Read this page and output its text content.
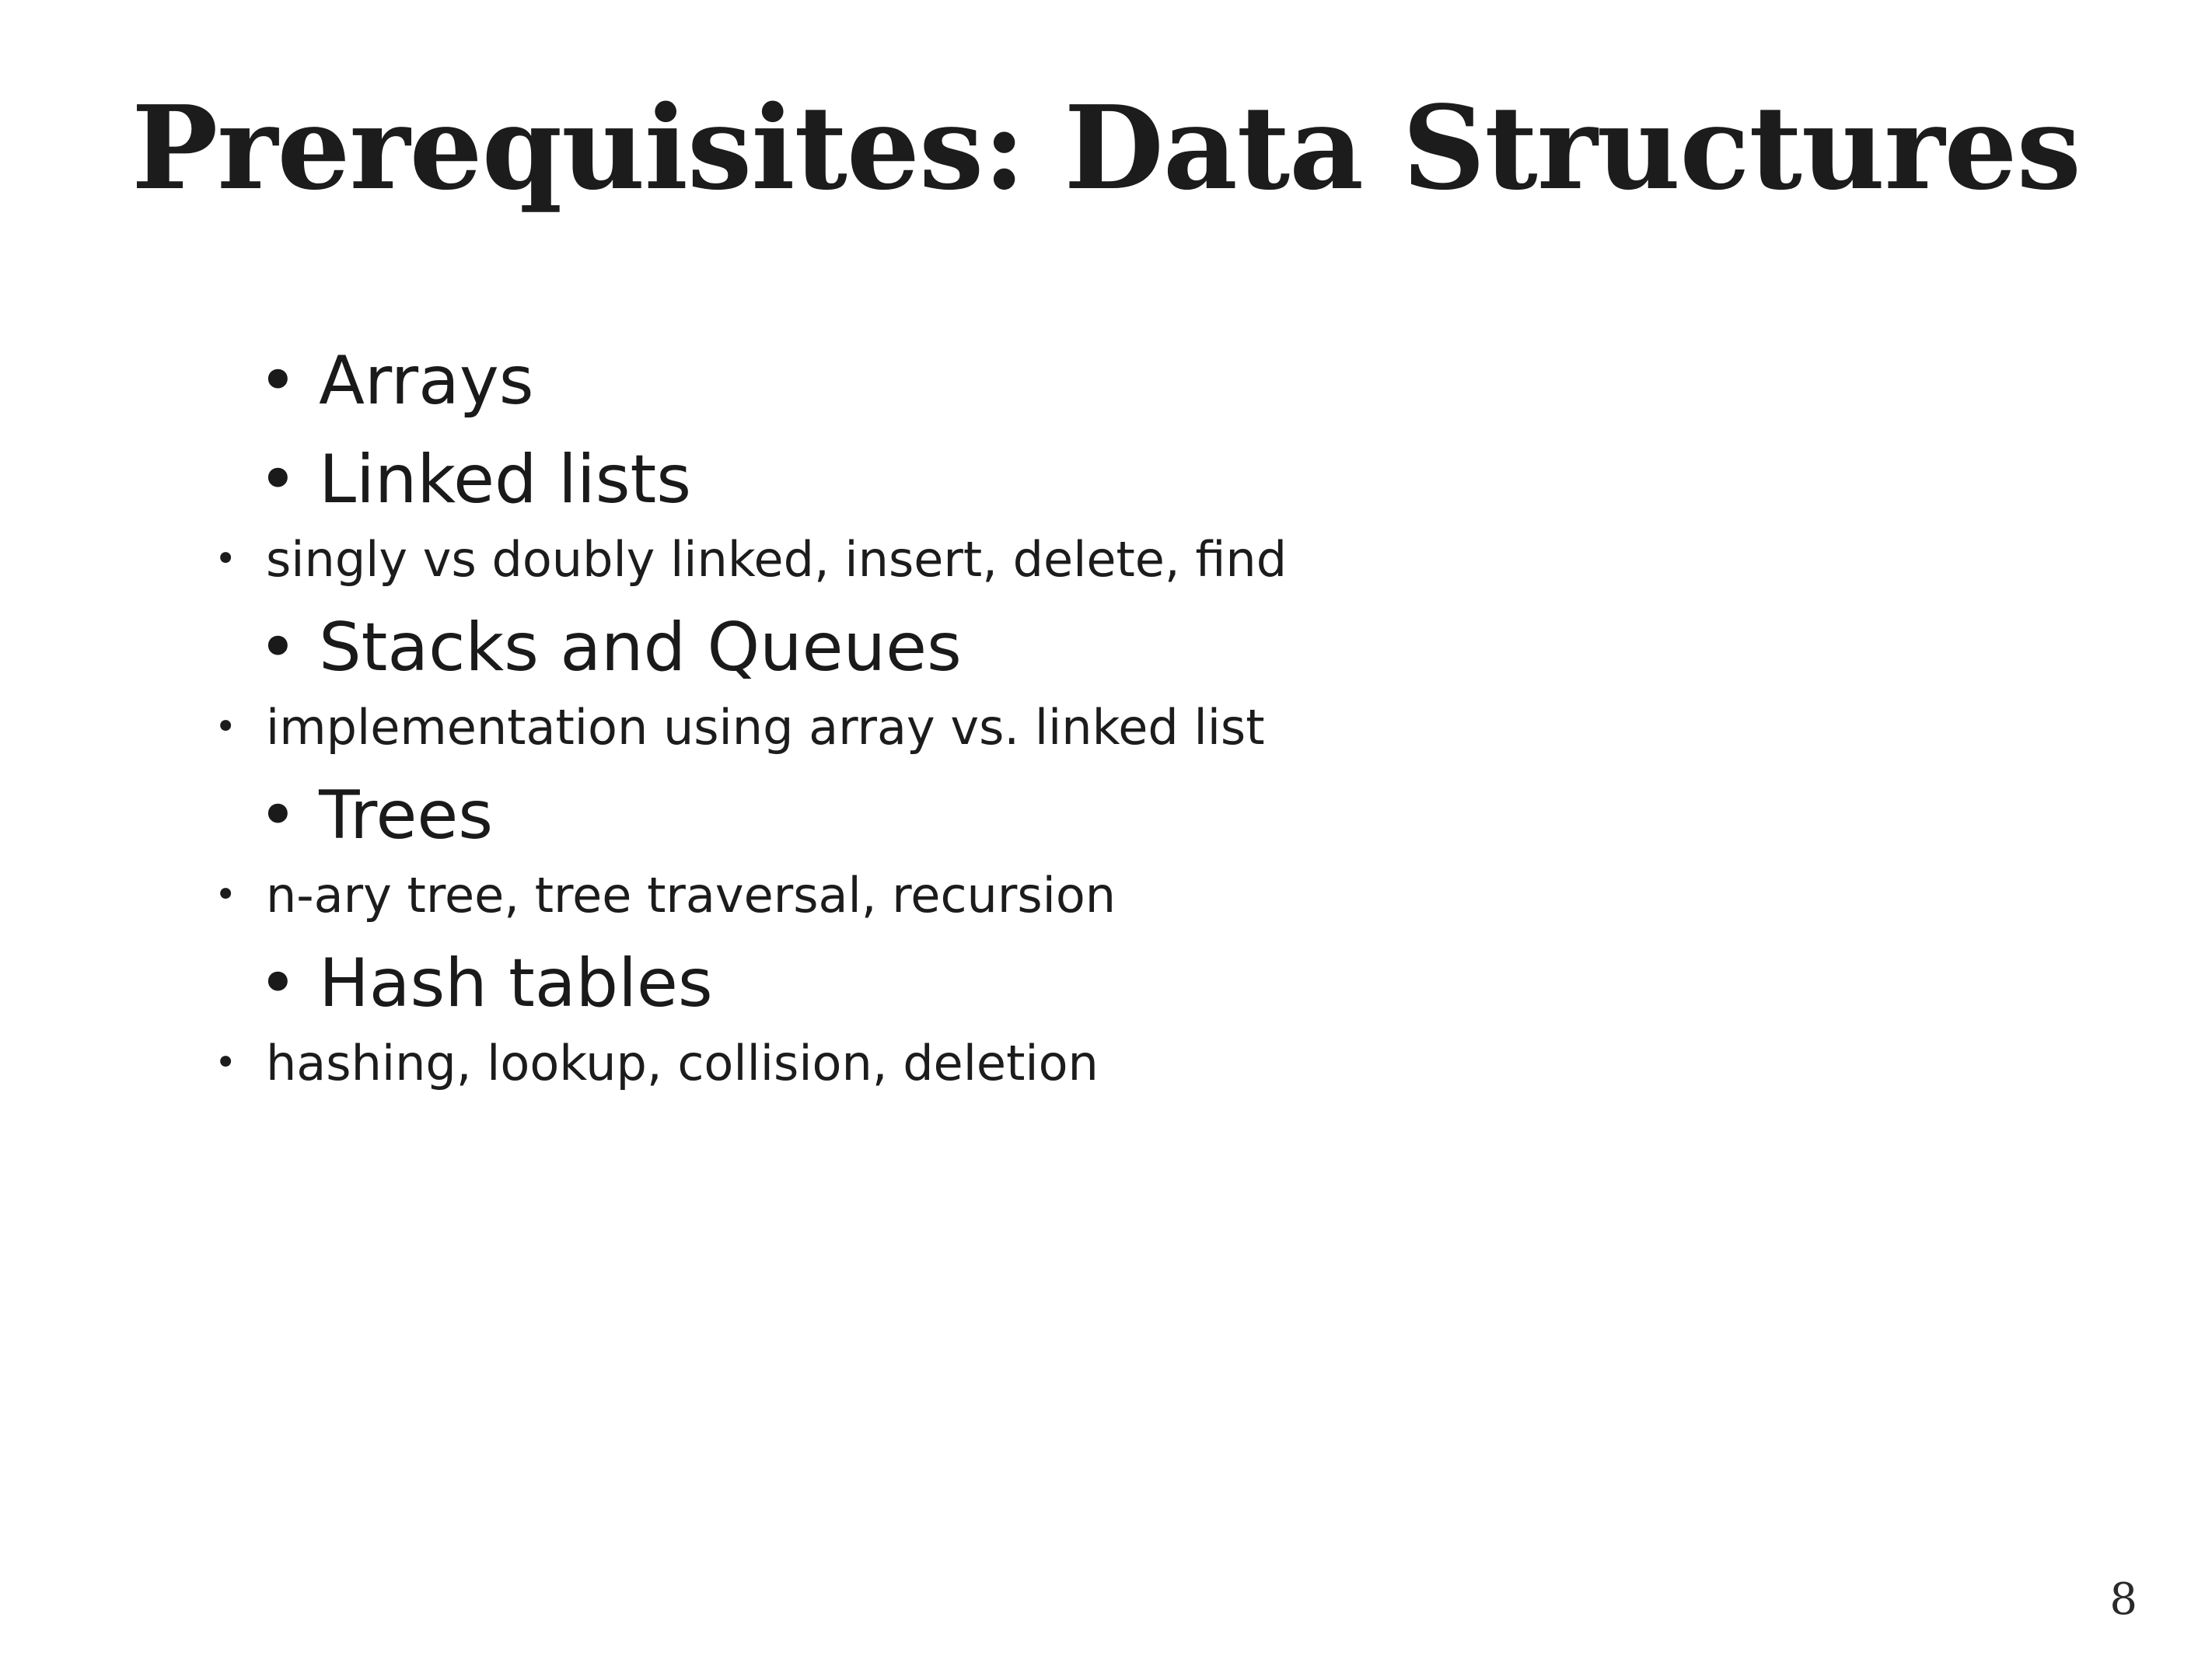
Prerequisites: Data Structures
• Arrays
• Linked lists
• singly vs doubly linked, insert, delete, find
• Stacks and Queues
• implementation using array vs. linked list
• Trees
• n-ary tree, tree traversal, recursion
• Hash tables
• hashing, lookup, collision, deletion
8
